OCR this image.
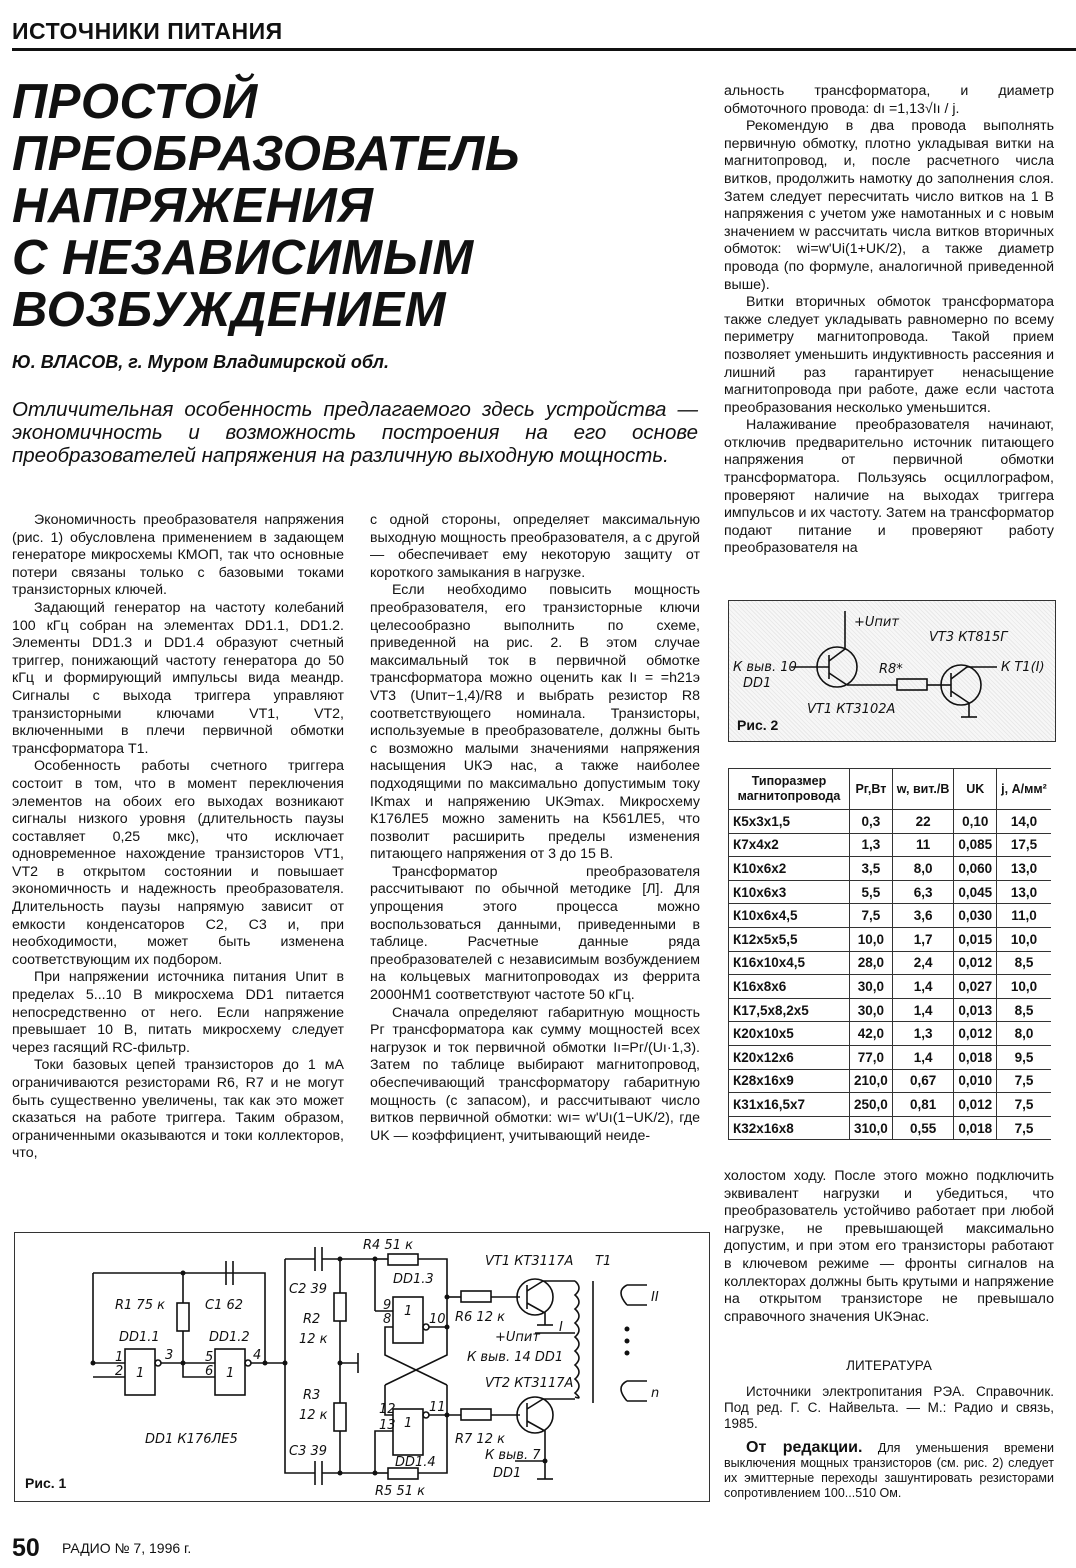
ИСТОЧНИКИ ПИТАНИЯ
ПРОСТОЙ
ПРЕОБРАЗОВАТЕЛЬ
НАПРЯЖЕНИЯ
С НЕЗАВИСИМЫМ
ВОЗБУЖДЕНИЕМ
Ю. ВЛАСОВ, г. Муром Владимирской обл.
Отличительная особенность предлагаемого здесь устройства — экономичность и возможность построения на его основе преобразователей напряжения на различную выходную мощность.

Экономичность преобразователя напряжения (рис. 1) обусловлена применением в задающем генераторе микросхемы КМОП, так что основные потери связаны только с базовыми токами транзисторных ключей.

Задающий генератор на частоту колебаний 100 кГц собран на элементах DD1.1, DD1.2. Элементы DD1.3 и DD1.4 образуют счетный триггер, понижающий частоту генератора до 50 кГц и формирующий импульсы вида меандр. Сигналы с выхода триггера управляют транзисторными ключами VT1, VT2, включенными в плечи первичной обмотки трансформатора Т1.

Особенность работы счетного триггера состоит в том, что в момент переключения элементов на обоих его выходах возникают сигналы низкого уровня (длительность паузы составляет 0,25 мкс), что исключает одновременное нахождение транзисторов VT1, VT2 в открытом состоянии и повышает экономичность и надежность преобразователя. Длительность паузы напрямую зависит от емкости конденсаторов С2, С3 и, при необходимости, может быть изменена соответствующим их подбором.

При напряжении источника питания Uпит в пределах 5...10 В микросхема DD1 питается непосредственно от него. Если напряжение превышает 10 В, питать микросхему следует через гасящий RC-фильтр.

Токи базовых цепей транзисторов до 1 мА ограничиваются резисторами R6, R7 и не могут быть существенно увеличены, так как это может сказаться на работе триггера. Таким образом, ограниченными оказываются и токи коллекторов, что,

с одной стороны, определяет максимальную выходную мощность преобразователя, а с другой — обеспечивает ему некоторую защиту от короткого замыкания в нагрузке.

Если необходимо повысить мощность преобразователя, его транзисторные ключи целесообразно выполнить по схеме, приведенной на рис. 2. В этом случае максимальный ток в первичной обмотке трансформатора можно оценить как Iı = =h21э VT3 (Uпит−1,4)/R8 и выбрать резистор R8 соответствующего номинала. Транзисторы, используемые в преобразователе, должны быть с возможно малыми значениями напряжения насыщения UКЭ нас, а также наиболее подходящими по максимально допустимым току IKmax и напряжению UКЭmax. Микросхему К176ЛЕ5 можно заменить на К561ЛЕ5, что позволит расширить пределы изменения питающего напряжения от 3 до 15 В.

Трансформатор преобразователя рассчитывают по обычной методике [Л]. Для упрощения этого процесса можно воспользоваться данными, приведенными в таблице. Расчетные данные ряда преобразователей с независимым возбуждением на кольцевых магнитопроводах из феррита 2000НМ1 соответствуют частоте 50 кГц.

Сначала определяют габаритную мощность Pг трансформатора как сумму мощностей всех нагрузок и ток первичной обмотки Iı=Pг/(Uı·1,3). Затем по таблице выбирают магнитопровод, обеспечивающий трансформатору габаритную мощность (с запасом), и рассчитывают число витков первичной обмотки: wı= w'Uı(1−UK/2), где UK — коэффициент, учитывающий неиде-

альность трансформатора, и диаметр обмоточного провода: dı =1,13√Iı / j.

Рекомендую в два провода выполнять первичную обмотку, плотно укладывая витки на магнитопровод, и, после расчетного числа витков, продолжить намотку до заполнения слоя. Затем следует пересчитать число витков на 1 В напряжения с учетом уже намотанных и с новым значением w рассчитать числа витков вторичных обмоток: wi=w'Ui(1+UK/2), а также диаметр провода (по формуле, аналогичной приведенной выше).

Витки вторичных обмоток трансформатора также следует укладывать равномерно по всему периметру магнитопровода. Такой прием позволяет уменьшить индуктивность рассеяния и лишний раз гарантирует ненасыщение магнитопровода при работе, даже если частота преобразования несколько уменьшится.

Налаживание преобразователя начинают, отключив предварительно источник питающего напряжения от первичной обмотки трансформатора. Пользуясь осциллографом, проверяют наличие на выходах триггера импульсов и их частоту. Затем на трансформатор подают питание и проверяют работу преобразователя на

+Uпит
К выв. 10
DD1
R8*
VT3 КТ815Г
К Т1(I)
VT1 КТ3102А
Рис. 2
Типоразмер магнитопровода	Pг,Вт	w, вит./В	UK	j, А/мм²
К5x3x1,5	0,3	22	0,10	14,0
К7x4x2	1,3	11	0,085	17,5
К10x6x2	3,5	8,0	0,060	13,0
К10x6x3	5,5	6,3	0,045	13,0
К10x6x4,5	7,5	3,6	0,030	11,0
К12x5x5,5	10,0	1,7	0,015	10,0
К16x10x4,5	28,0	2,4	0,012	8,5
К16x8x6	30,0	1,4	0,027	10,0
К17,5x8,2x5	30,0	1,4	0,013	8,5
К20x10x5	42,0	1,3	0,012	8,0
К20x12x6	77,0	1,4	0,018	9,5
К28x16x9	210,0	0,67	0,010	7,5
К31x16,5x7	250,0	0,81	0,012	7,5
К32x16x8	310,0	0,55	0,018	7,5

холостом ходу. После этого можно подключить эквивалент нагрузки и убедиться, что преобразователь устойчиво работает при любой нагрузке, не превышающей максимально допустим, и при этом его транзисторы работают в ключевом режиме — фронты сигналов на коллекторах должны быть крутыми и напряжение на открытом транзисторе не превышало справочного значения UКЭнас.

ЛИТЕРАТУРА

Источники электропитания РЭА. Справочник. Под ред. Г. С. Найвельта. — М.: Радио и связь, 1985.

От редакции. Для уменьшения времени выключения мощных транзисторов (см. рис. 2) следует их эмиттерные переходы зашунтировать резисторами сопротивлением 100...510 Ом.
R1 75 к	С1 62
DD1.1	DD1.2
DD1 К176ЛЕ5
С2 39
R2
12 к
R3
12 к
С3 39
R4 51 к
DD1.3
DD1.4
R5 51 к
R6 12 к
R7 12 к
VT1 КТ3117А
VT2 КТ3117А
Т1
+Uпит
К выв. 14 DD1
К выв. 7
DD1
I
II
n
1
2
3 5
6
4
9
8	10
12
13
11
1	1
1
1
Рис. 1
50 РАДИО № 7, 1996 г.
